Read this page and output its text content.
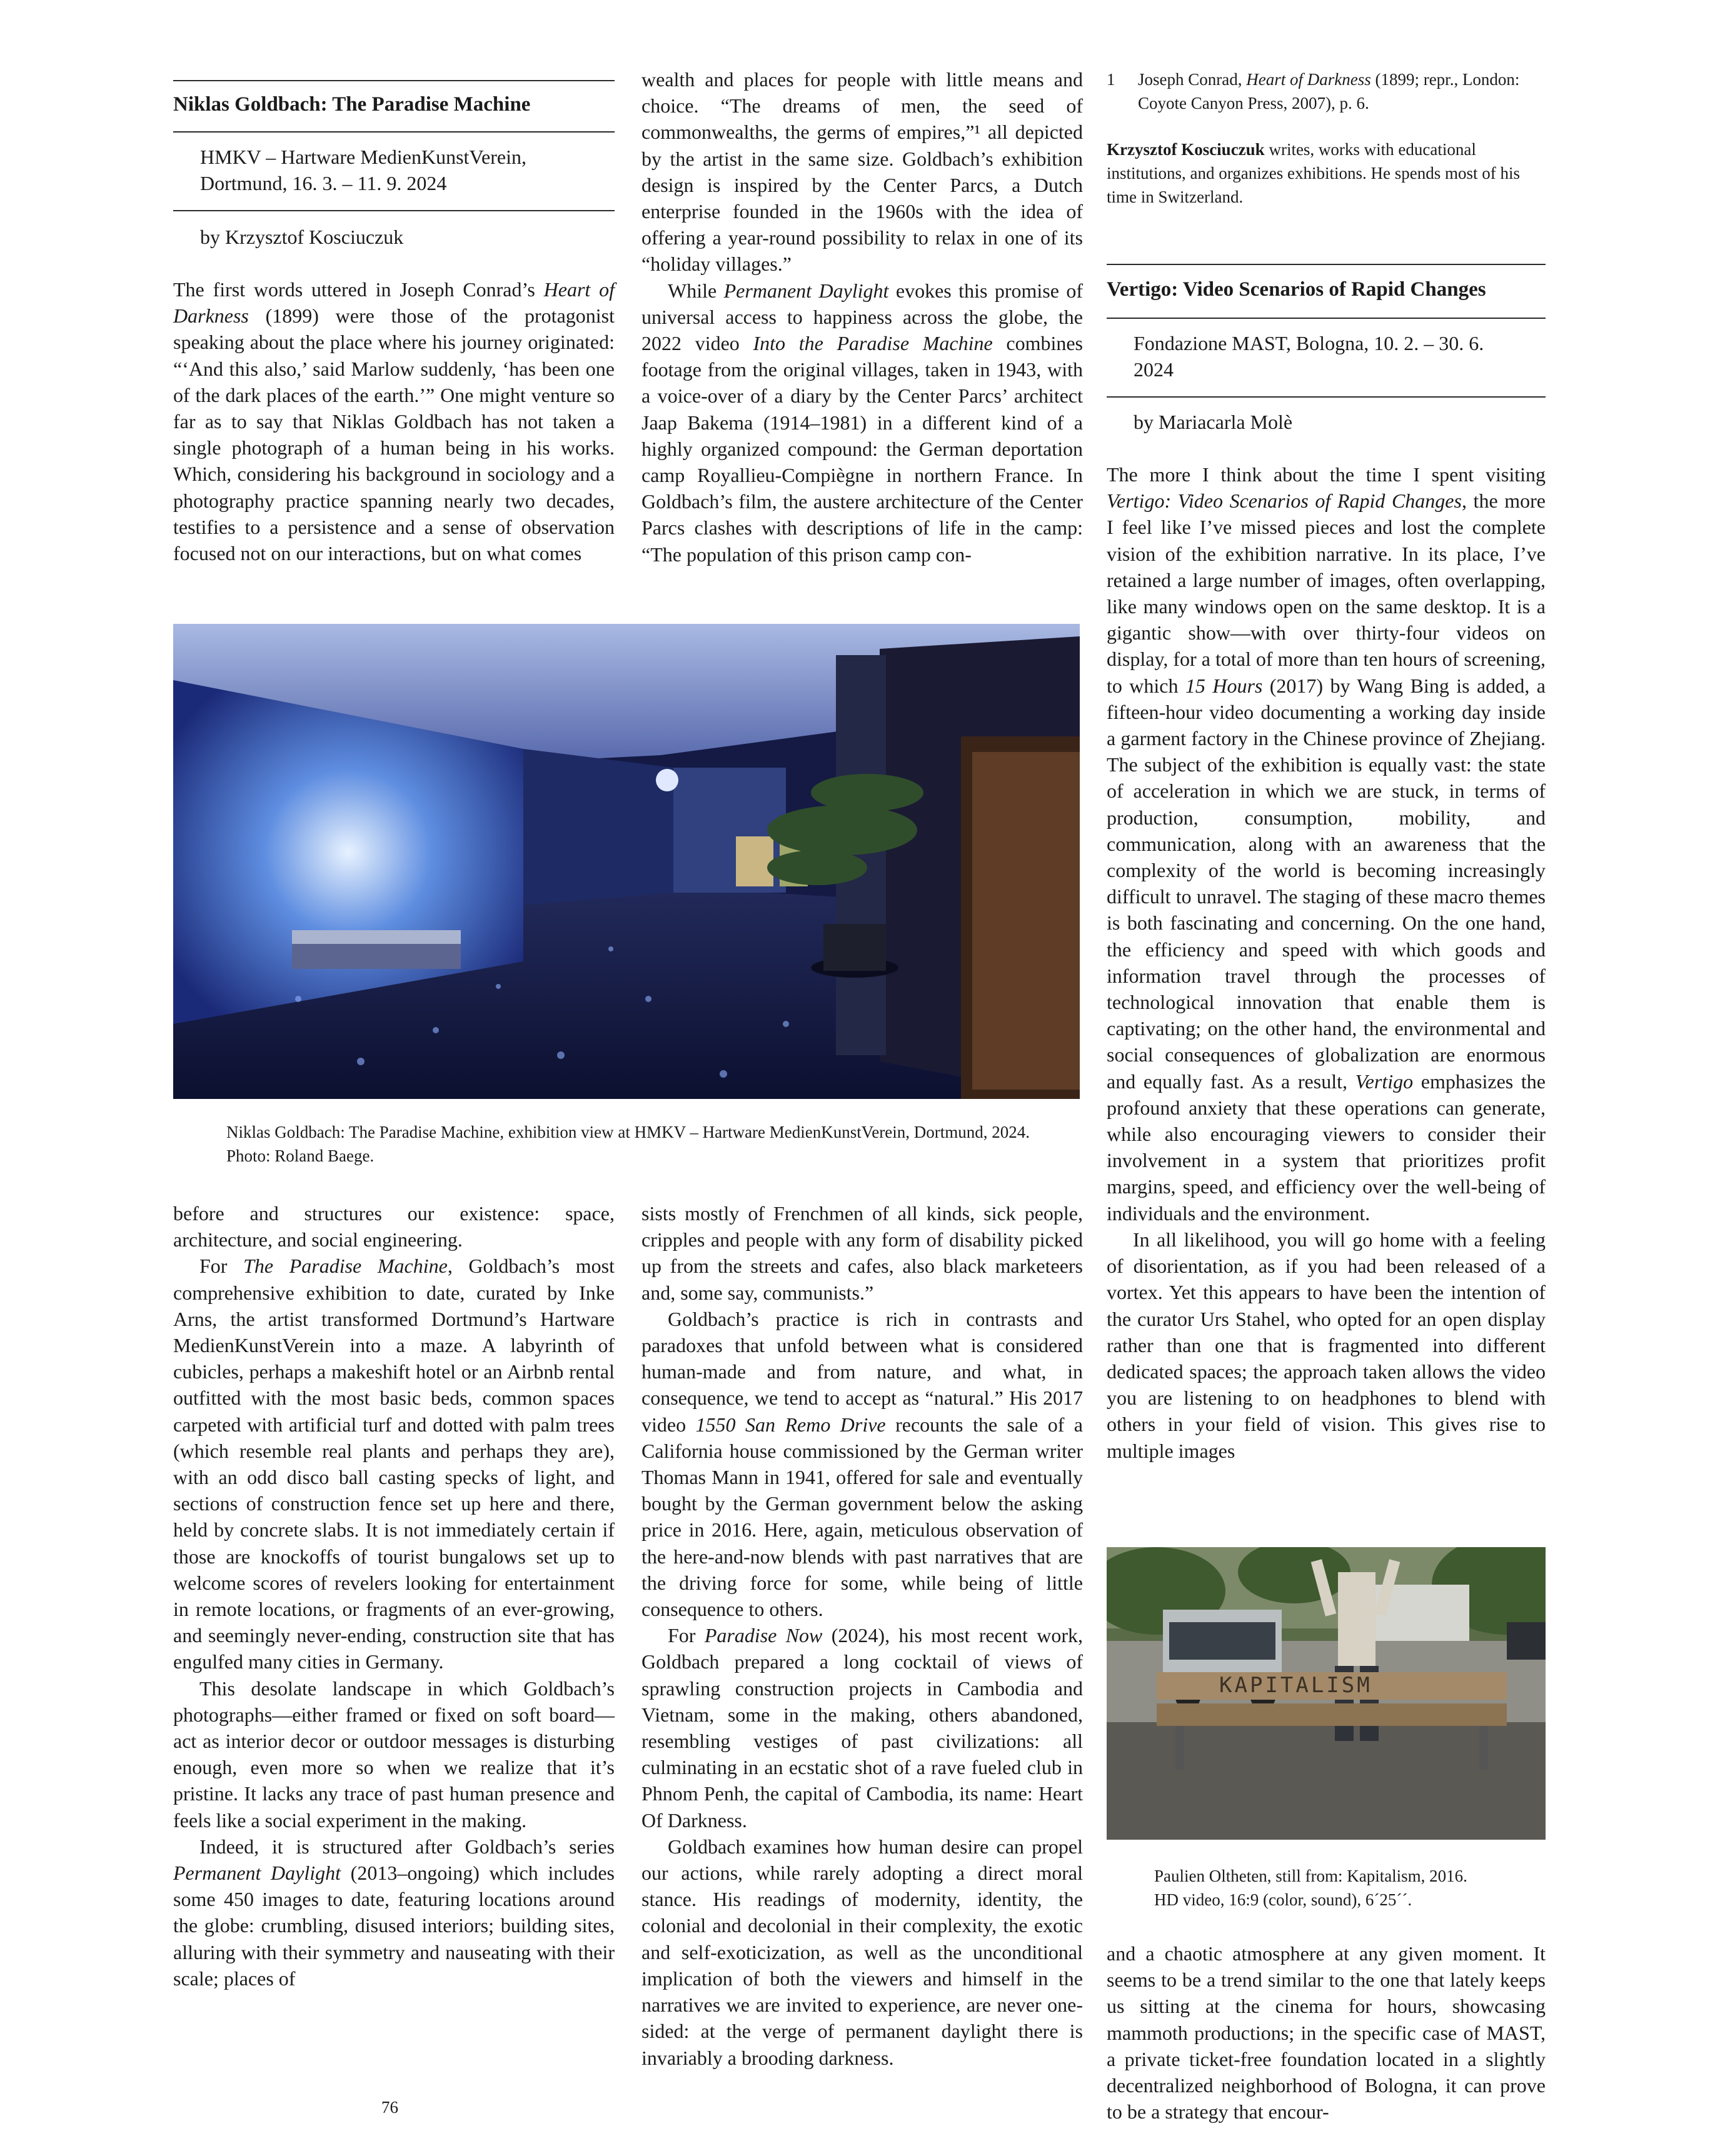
Niklas Goldbach: The Paradise Machine
HMKV – Hartware MedienKunstVerein,
Dortmund, 16. 3. – 11. 9. 2024
by Krzysztof Kosciuczuk

The first words uttered in Joseph Conrad’s Heart of Darkness (1899) were those of the protagonist speaking about the place where his journey originated: “‘And this also,’ said Marlow suddenly, ‘has been one of the dark places of the earth.’” One might venture so far as to say that Niklas Goldbach has not taken a single photograph of a human being in his works. Which, considering his background in sociology and a photography practice spanning nearly two decades, testifies to a persistence and a sense of observation focused not on our interactions, but on what comes

wealth and places for people with little means and choice. “The dreams of men, the seed of commonwealths, the germs of empires,”¹ all depicted by the artist in the same size. Goldbach’s exhibition design is inspired by the Center Parcs, a Dutch enterprise founded in the 1960s with the idea of offering a year-round possibility to relax in one of its “holiday villages.”

While Permanent Daylight evokes this promise of universal access to happiness across the globe, the 2022 video Into the Paradise Machine combines footage from the original villages, taken in 1943, with a voice-over of a diary by the Center Parcs’ architect Jaap Bakema (1914–1981) in a different kind of a highly organized compound: the German deportation camp Royallieu-Compiègne in northern France. In Goldbach’s film, the austere architecture of the Center Parcs clashes with descriptions of life in the camp: “The population of this prison camp con-

Niklas Goldbach: The Paradise Machine, exhibition view at HMKV – Hartware MedienKunstVerein, Dortmund, 2024. Photo: Roland Baege.

before and structures our existence: space, architecture, and social engineering.

For The Paradise Machine, Goldbach’s most comprehensive exhibition to date, curated by Inke Arns, the artist transformed Dortmund’s Hartware MedienKunstVerein into a maze. A labyrinth of cubicles, perhaps a makeshift hotel or an Airbnb rental outfitted with the most basic beds, common spaces carpeted with artificial turf and dotted with palm trees (which resemble real plants and perhaps they are), with an odd disco ball casting specks of light, and sections of construction fence set up here and there, held by concrete slabs. It is not immediately certain if those are knockoffs of tourist bungalows set up to welcome scores of revelers looking for entertainment in remote locations, or fragments of an ever-growing, and seemingly never-ending, construction site that has engulfed many cities in Germany.

This desolate landscape in which Goldbach’s photographs—either framed or fixed on soft board—act as interior decor or outdoor messages is disturbing enough, even more so when we realize that it’s pristine. It lacks any trace of past human presence and feels like a social experiment in the making.

Indeed, it is structured after Goldbach’s series Permanent Daylight (2013–ongoing) which includes some 450 images to date, featuring locations around the globe: crumbling, disused interiors; building sites, alluring with their symmetry and nauseating with their scale; places of

sists mostly of Frenchmen of all kinds, sick people, cripples and people with any form of disability picked up from the streets and cafes, also black marketeers and, some say, communists.”

Goldbach’s practice is rich in contrasts and paradoxes that unfold between what is considered human-made and from nature, and what, in consequence, we tend to accept as “natural.” His 2017 video 1550 San Remo Drive recounts the sale of a California house commissioned by the German writer Thomas Mann in 1941, offered for sale and eventually bought by the German government below the asking price in 2016. Here, again, meticulous observation of the here-and-now blends with past narratives that are the driving force for some, while being of little consequence to others.

For Paradise Now (2024), his most recent work, Goldbach prepared a long cocktail of views of sprawling construction projects in Cambodia and Vietnam, some in the making, others abandoned, resembling vestiges of past civilizations: all culminating in an ecstatic shot of a rave fueled club in Phnom Penh, the capital of Cambodia, its name: Heart Of Darkness.

Goldbach examines how human desire can propel our actions, while rarely adopting a direct moral stance. His readings of modernity, identity, the colonial and decolonial in their complexity, the exotic and self-exoticization, as well as the unconditional implication of both the viewers and himself in the narratives we are invited to experience, are never one-sided: at the verge of permanent daylight there is invariably a brooding darkness.

76
1 Joseph Conrad, Heart of Darkness (1899; repr., London: Coyote Canyon Press, 2007), p. 6.
Krzysztof Kosciuczuk writes, works with educational institutions, and organizes exhibitions. He spends most of his time in Switzerland.
Vertigo: Video Scenarios of Rapid Changes
Fondazione MAST, Bologna, 10. 2. – 30. 6.
2024
by Mariacarla Molè

The more I think about the time I spent visiting Vertigo: Video Scenarios of Rapid Changes, the more I feel like I’ve missed pieces and lost the complete vision of the exhibition narrative. In its place, I’ve retained a large number of images, often overlapping, like many windows open on the same desktop. It is a gigantic show—with over thirty-four videos on display, for a total of more than ten hours of screening, to which 15 Hours (2017) by Wang Bing is added, a fifteen-hour video documenting a working day inside a garment factory in the Chinese province of Zhejiang. The subject of the exhibition is equally vast: the state of acceleration in which we are stuck, in terms of production, consumption, mobility, and communication, along with an awareness that the complexity of the world is becoming increasingly difficult to unravel. The staging of these macro themes is both fascinating and concerning. On the one hand, the efficiency and speed with which goods and information travel through the processes of technological innovation that enable them is captivating; on the other hand, the environmental and social consequences of globalization are enormous and equally fast. As a result, Vertigo emphasizes the profound anxiety that these operations can generate, while also encouraging viewers to consider their involvement in a system that prioritizes profit margins, speed, and efficiency over the well-being of individuals and the environment.

In all likelihood, you will go home with a feeling of disorientation, as if you had been released of a vortex. Yet this appears to have been the intention of the curator Urs Stahel, who opted for an open display rather than one that is fragmented into different dedicated spaces; the approach taken allows the video you are listening to on headphones to blend with others in your field of vision. This gives rise to multiple images

KAPITALISM
Paulien Oltheten, still from: Kapitalism, 2016.
HD video, 16:9 (color, sound), 6´25´´.

and a chaotic atmosphere at any given moment. It seems to be a trend similar to the one that lately keeps us sitting at the cinema for hours, showcasing mammoth productions; in the specific case of MAST, a private ticket-free foundation located in a slightly decentralized neighborhood of Bologna, it can prove to be a strategy that encour-
